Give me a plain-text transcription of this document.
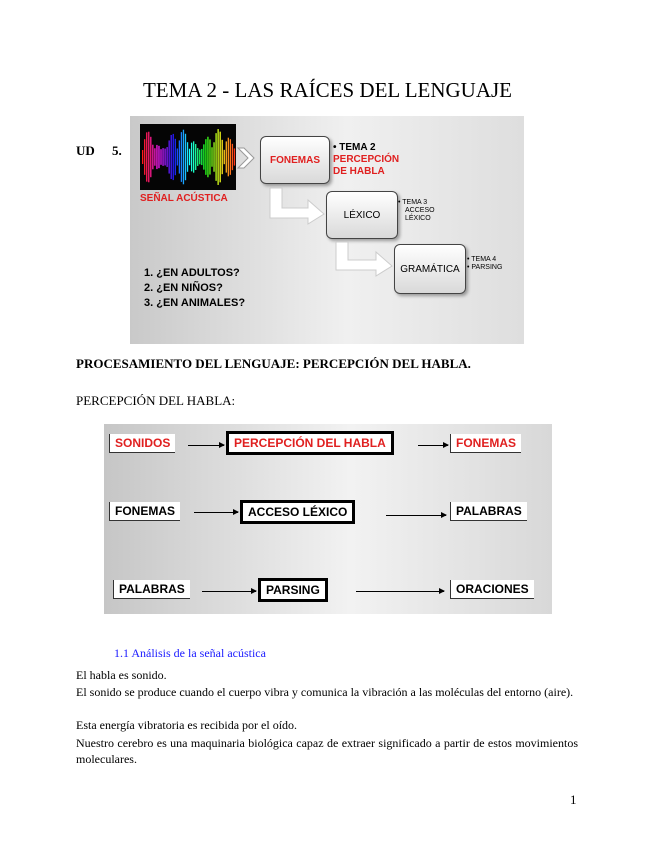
TEMA 2 - LAS RAÍCES DEL LENGUAJE
UD 5.
SEÑAL ACÚSTICA
FONEMAS
LÉXICO
GRAMÁTICA
• TEMA 2
PERCEPCIÓN
DE HABLA
• TEMA 3
ACCESO
LÉXICO
• TEMA 4
• PARSING
1. ¿EN ADULTOS?
2. ¿EN NIÑOS?
3. ¿EN ANIMALES?
PROCESAMIENTO DEL LENGUAJE: PERCEPCIÓN DEL HABLA.
PERCEPCIÓN DEL HABLA:
SONIDOS	PERCEPCIÓN DEL HABLA	FONEMAS
FONEMAS	ACCESO LÉXICO	PALABRAS
PALABRAS	PARSING	ORACIONES
1.1 Análisis de la señal acústica
El habla es sonido.
El sonido se produce cuando el cuerpo vibra y comunica la vibración a las moléculas del entorno (aire).
Esta energía vibratoria es recibida por el oído.
Nuestro cerebro es una maquinaria biológica capaz de extraer significado a partir de estos movimientos moleculares.
1
